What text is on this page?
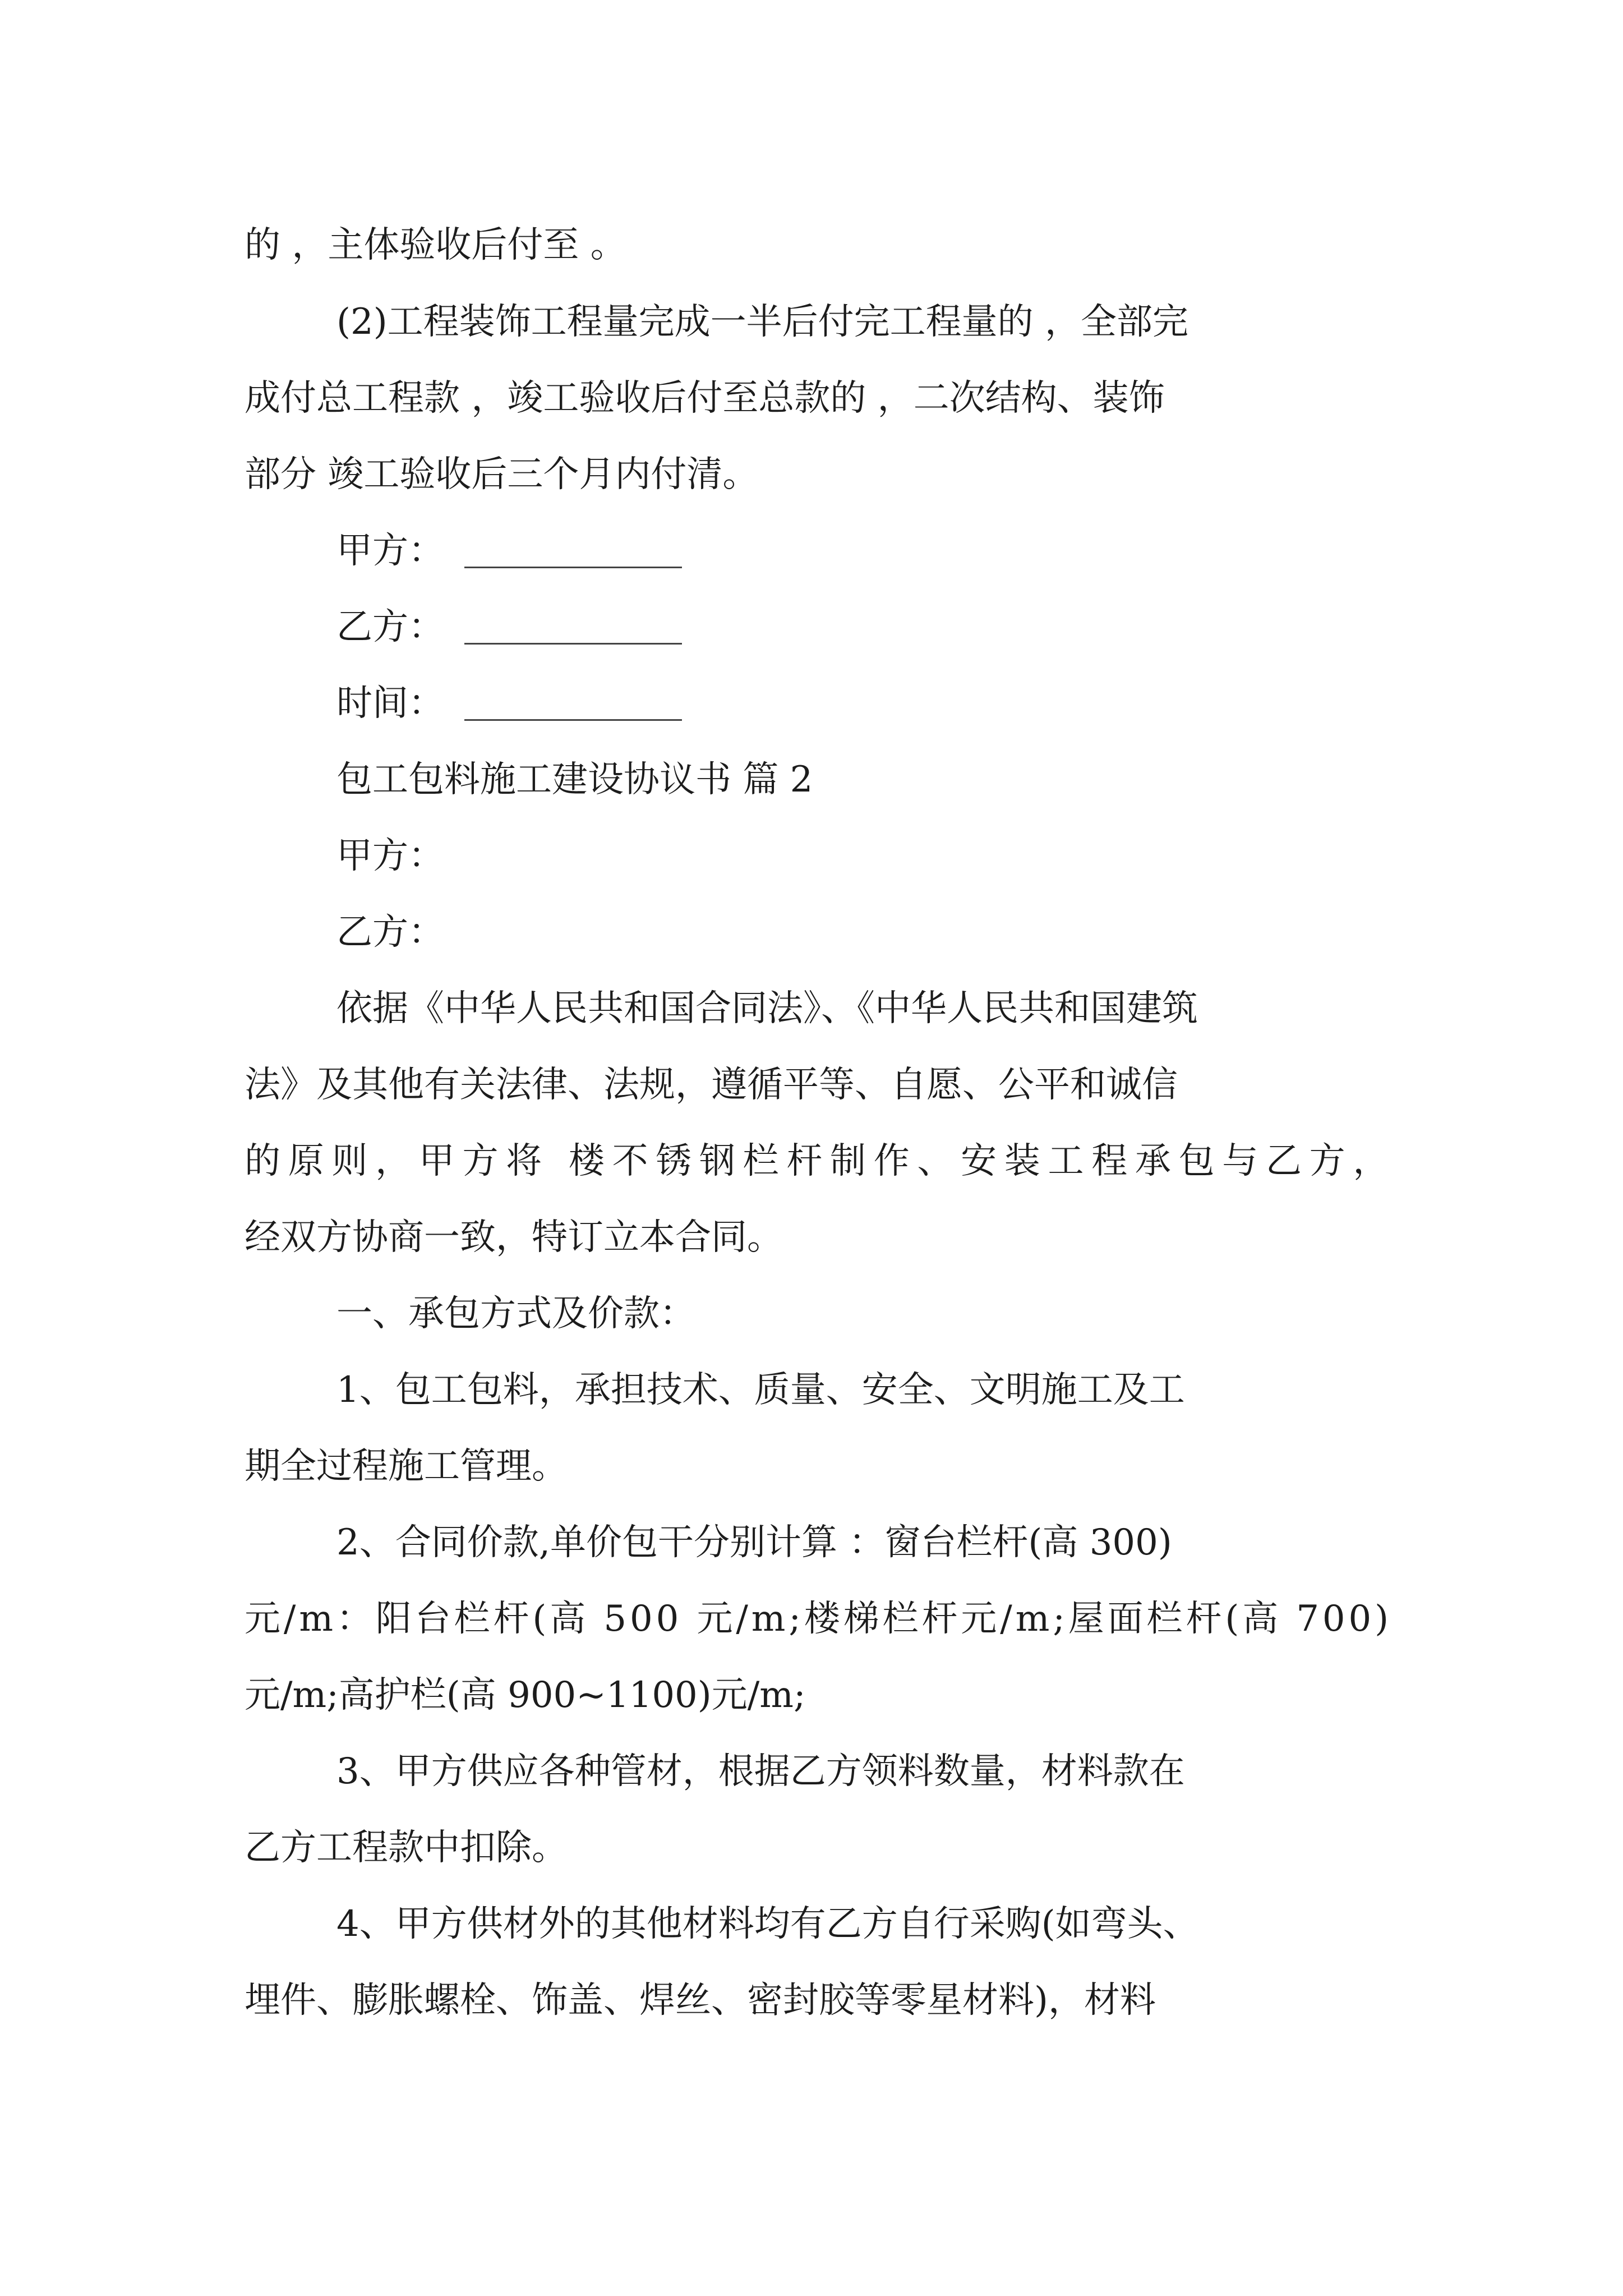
的 ，主体验收后付至 。
(2)工程装饰工程量完成一半后付完工程量的 ，全部完
成付总工程款 ，竣工验收后付至总款的 ，二次结构、装饰
部分 竣工验收后三个月内付清。
甲方：
乙方：
时间：
包工包料施工建设协议书 篇 2
甲方：
乙方：
依据《中华人民共和国合同法》、《中华人民共和国建筑
法》及其他有关法律、法规，遵循平等、自愿、公平和诚信
的原则，甲方将 楼不锈钢栏杆制作、安装工程承包与乙方，
经双方协商一致，特订立本合同。
一、承包方式及价款：
1、包工包料，承担技术、质量、安全、文明施工及工
期全过程施工管理。
2、合同价款,单价包干分别计算 ：窗台栏杆(高 300)
元/m：阳台栏杆(高 500 元/m;楼梯栏杆元/m;屋面栏杆(高 700)
元/m;高护栏(高 900~1100)元/m;
3、甲方供应各种管材，根据乙方领料数量，材料款在
乙方工程款中扣除。
4、甲方供材外的其他材料均有乙方自行采购(如弯头、
埋件、膨胀螺栓、饰盖、焊丝、密封胶等零星材料)，材料
